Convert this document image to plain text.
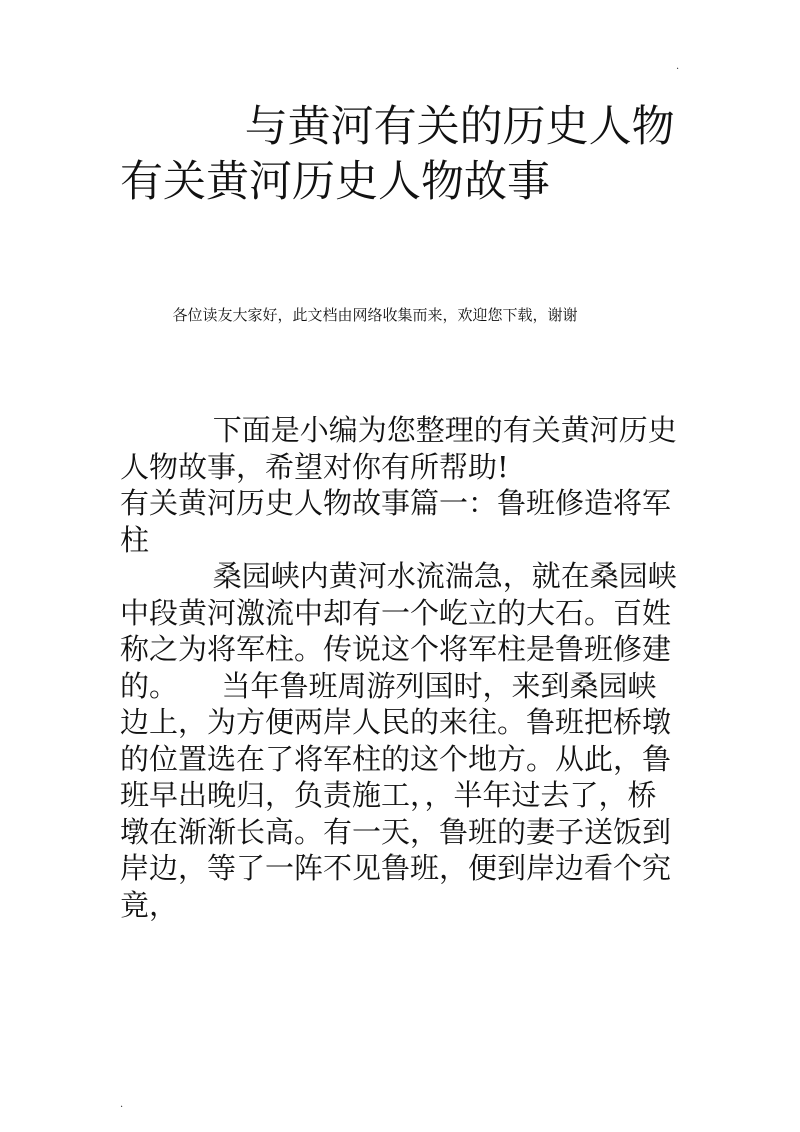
.
与黄河有关的历史人物 有关黄河历史人物故事

各位读友大家好，此文档由网络收集而来，欢迎您下载，谢谢

下面是小编为您整理的有关黄河历史人物故事，希望对你有所帮助!

有关黄河历史人物故事篇一：鲁班修造将军柱

桑园峡内黄河水流湍急，就在桑园峡中段黄河激流中却有一个屹立的大石。百姓称之为将军柱。传说这个将军柱是鲁班修建的。　　当年鲁班周游列国时，来到桑园峡边上，为方便两岸人民的来往。鲁班把桥墩的位置选在了将军柱的这个地方。从此，鲁班早出晚归，负责施工，，半年过去了，桥墩在渐渐长高。有一天，鲁班的妻子送饭到岸边，等了一阵不见鲁班，便到岸边看个究竟，

.
